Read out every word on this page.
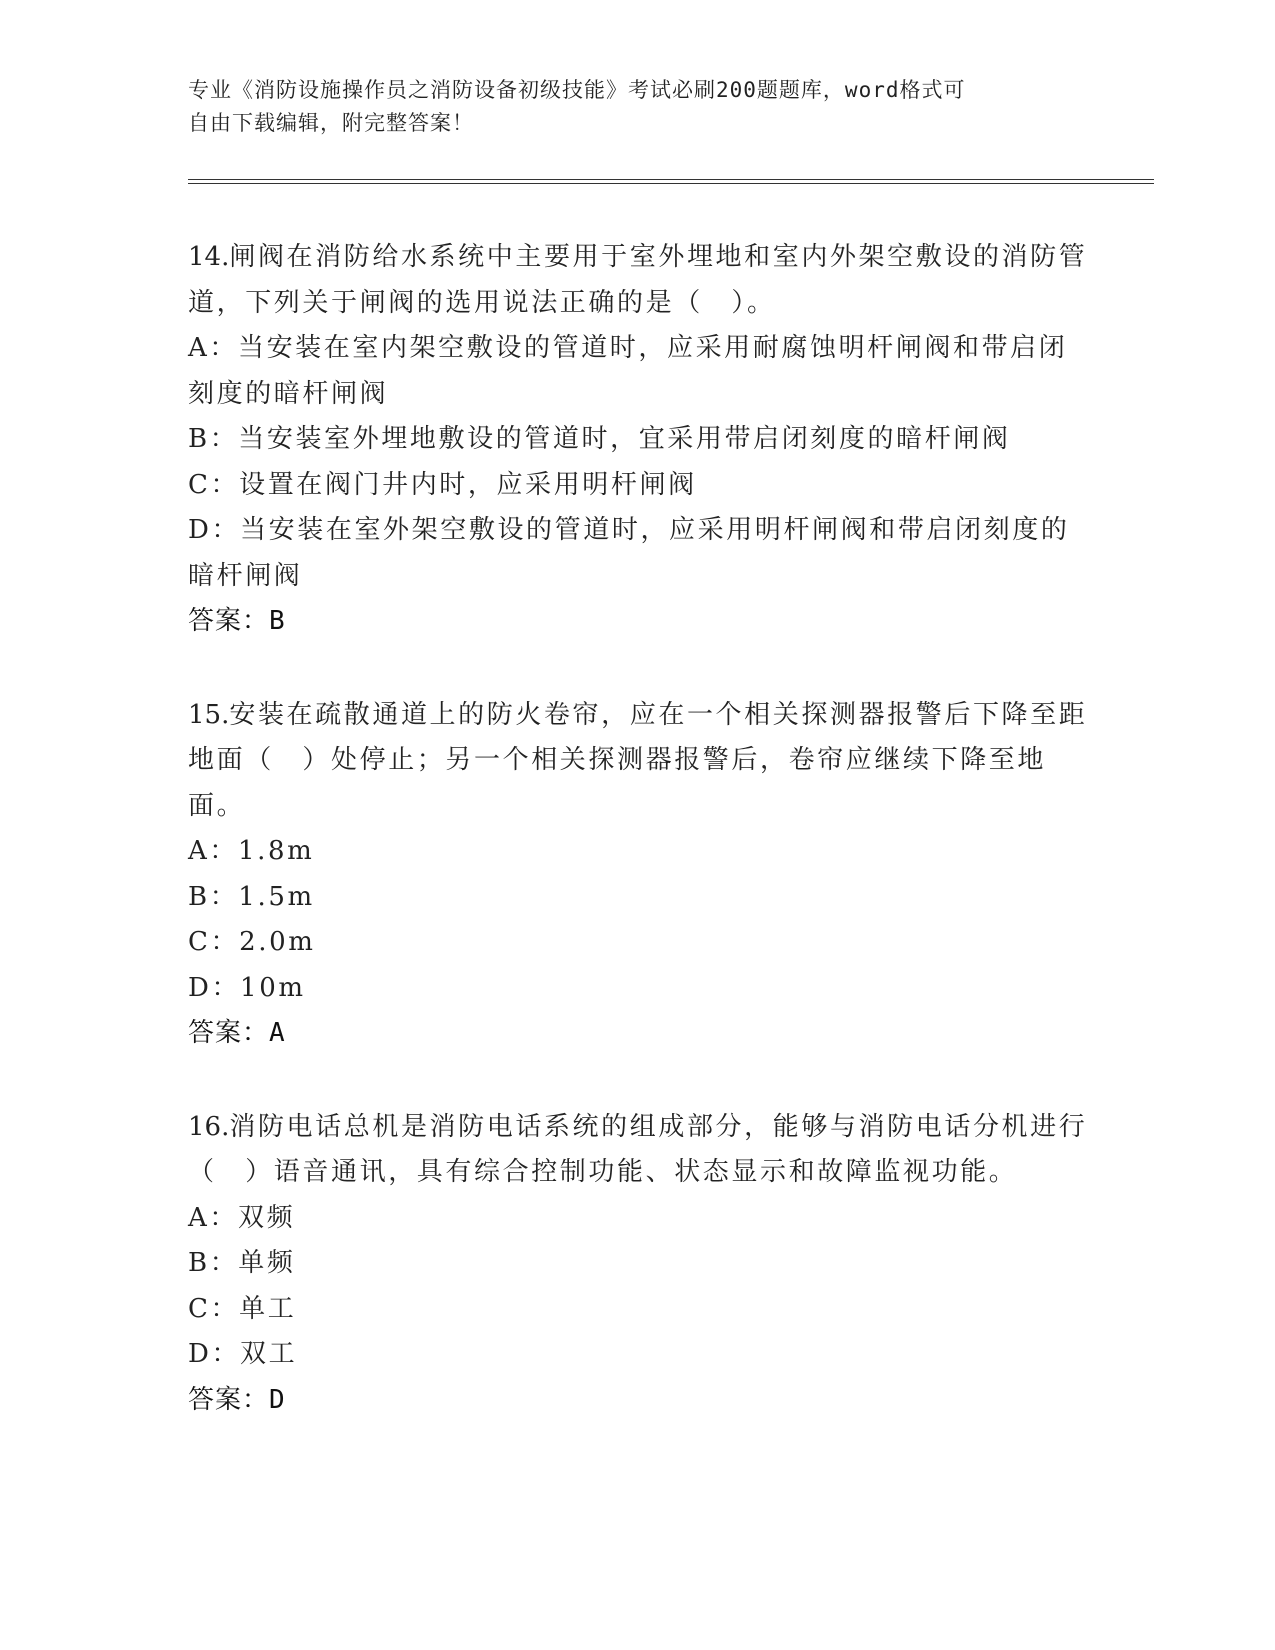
专业《消防设施操作员之消防设备初级技能》考试必刷200题题库，word格式可
自由下载编辑，附完整答案！

14.闸阀在消防给水系统中主要用于室外埋地和室内外架空敷设的消防管道，下列关于闸阀的选用说法正确的是（　）。

A：当安装在室内架空敷设的管道时，应采用耐腐蚀明杆闸阀和带启闭刻度的暗杆闸阀

B：当安装室外埋地敷设的管道时，宜采用带启闭刻度的暗杆闸阀

C：设置在阀门井内时，应采用明杆闸阀

D：当安装在室外架空敷设的管道时，应采用明杆闸阀和带启闭刻度的暗杆闸阀

答案：B

15.安装在疏散通道上的防火卷帘，应在一个相关探测器报警后下降至距地面（　）处停止；另一个相关探测器报警后，卷帘应继续下降至地面。

A：1.8m

B：1.5m

C：2.0m

D：10m

答案：A

16.消防电话总机是消防电话系统的组成部分，能够与消防电话分机进行（　）语音通讯，具有综合控制功能、状态显示和故障监视功能。

A：双频

B：单频

C：单工

D：双工

答案：D
